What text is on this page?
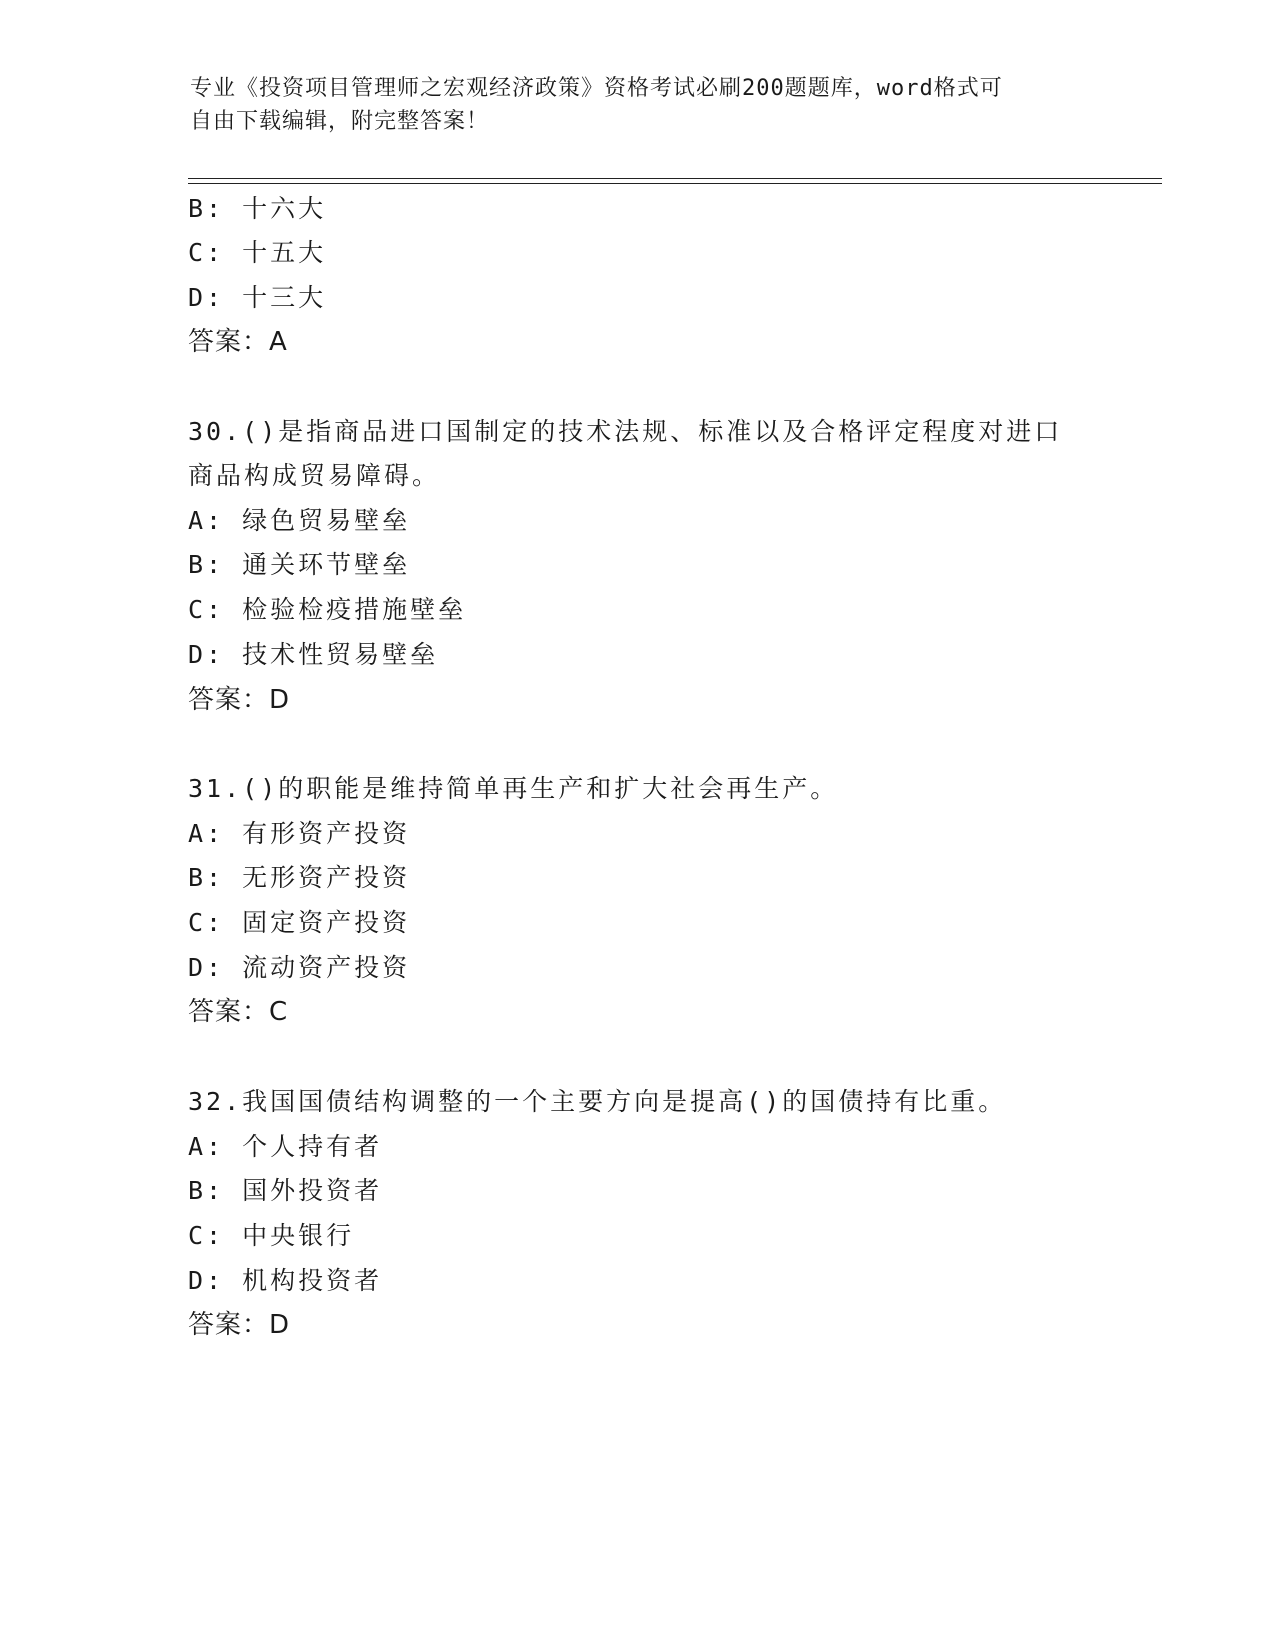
专业《投资项目管理师之宏观经济政策》资格考试必刷200题题库，word格式可
自由下载编辑，附完整答案！
B: 十六大
C: 十五大
D: 十三大
答案：A
30.()是指商品进口国制定的技术法规、标准以及合格评定程度对进口
商品构成贸易障碍。
A: 绿色贸易壁垒
B: 通关环节壁垒
C: 检验检疫措施壁垒
D: 技术性贸易壁垒
答案：D
31.()的职能是维持简单再生产和扩大社会再生产。
A: 有形资产投资
B: 无形资产投资
C: 固定资产投资
D: 流动资产投资
答案：C
32.我国国债结构调整的一个主要方向是提高()的国债持有比重。
A: 个人持有者
B: 国外投资者
C: 中央银行
D: 机构投资者
答案：D
